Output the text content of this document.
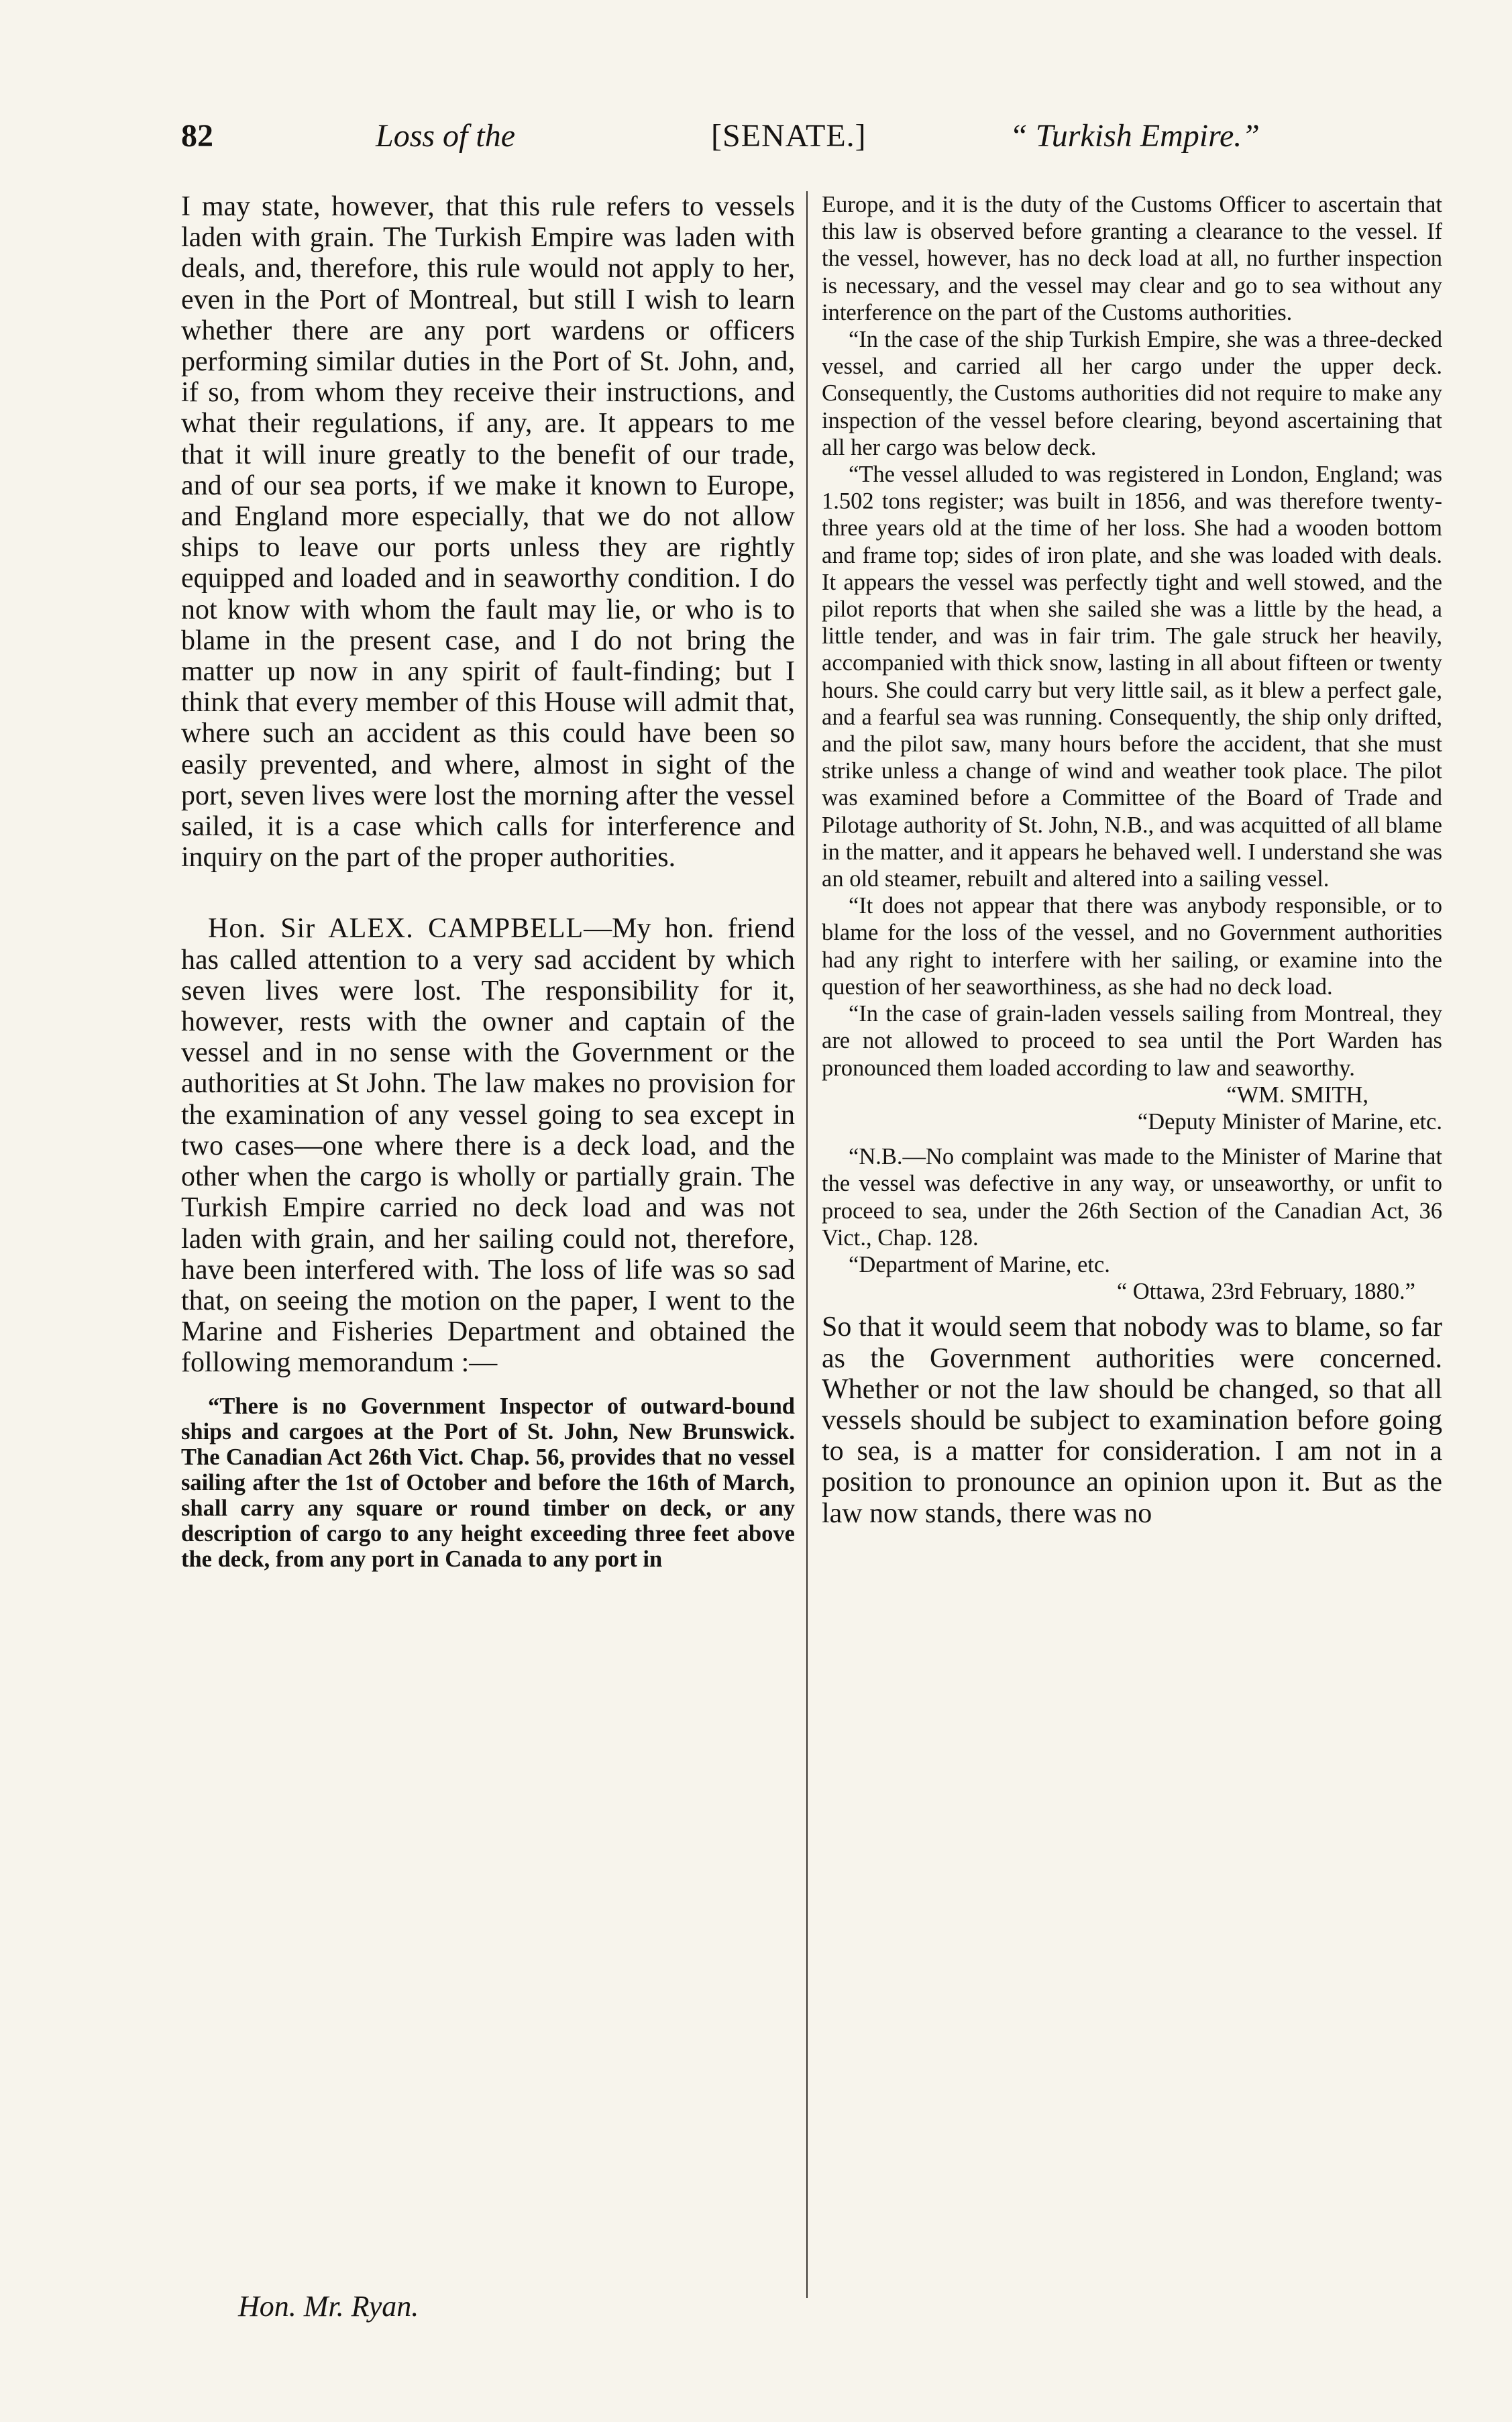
82	Loss of the	[SENATE.]	“ Turkish Empire.”

I may state, however, that this rule refers to vessels laden with grain. The Turkish Empire was laden with deals, and, therefore, this rule would not apply to her, even in the Port of Montreal, but still I wish to learn whether there are any port wardens or officers performing similar duties in the Port of St. John, and, if so, from whom they receive their instructions, and what their regulations, if any, are. It appears to me that it will inure greatly to the benefit of our trade, and of our sea ports, if we make it known to Europe, and England more especially, that we do not allow ships to leave our ports unless they are rightly equipped and loaded and in seaworthy condition. I do not know with whom the fault may lie, or who is to blame in the present case, and I do not bring the matter up now in any spirit of fault-finding; but I think that every member of this House will admit that, where such an accident as this could have been so easily prevented, and where, almost in sight of the port, seven lives were lost the morning after the vessel sailed, it is a case which calls for interference and inquiry on the part of the proper authorities.

Hon. Sir ALEX. CAMPBELL—My hon. friend has called attention to a very sad accident by which seven lives were lost. The responsibility for it, however, rests with the owner and captain of the vessel and in no sense with the Government or the authorities at St John. The law makes no provision for the examination of any vessel going to sea except in two cases—one where there is a deck load, and the other when the cargo is wholly or partially grain. The Turkish Empire carried no deck load and was not laden with grain, and her sailing could not, therefore, have been interfered with. The loss of life was so sad that, on seeing the motion on the paper, I went to the Marine and Fisheries Department and obtained the following memorandum :—

“There is no Government Inspector of outward-bound ships and cargoes at the Port of St. John, New Brunswick. The Canadian Act 26th Vict. Chap. 56, provides that no vessel sailing after the 1st of October and before the 16th of March, shall carry any square or round timber on deck, or any description of cargo to any height exceeding three feet above the deck, from any port in Canada to any port in

Europe, and it is the duty of the Customs Officer to ascertain that this law is observed before granting a clearance to the vessel. If the vessel, however, has no deck load at all, no further inspection is necessary, and the vessel may clear and go to sea without any interference on the part of the Customs authorities.

“In the case of the ship Turkish Empire, she was a three-decked vessel, and carried all her cargo under the upper deck. Consequently, the Customs authorities did not require to make any inspection of the vessel before clearing, beyond ascertaining that all her cargo was below deck.

“The vessel alluded to was registered in London, England; was 1.502 tons register; was built in 1856, and was therefore twenty-three years old at the time of her loss. She had a wooden bottom and frame top; sides of iron plate, and she was loaded with deals. It appears the vessel was perfectly tight and well stowed, and the pilot reports that when she sailed she was a little by the head, a little tender, and was in fair trim. The gale struck her heavily, accompanied with thick snow, lasting in all about fifteen or twenty hours. She could carry but very little sail, as it blew a perfect gale, and a fearful sea was running. Consequently, the ship only drifted, and the pilot saw, many hours before the accident, that she must strike unless a change of wind and weather took place. The pilot was examined before a Committee of the Board of Trade and Pilotage authority of St. John, N.B., and was acquitted of all blame in the matter, and it appears he behaved well. I understand she was an old steamer, rebuilt and altered into a sailing vessel.

“It does not appear that there was anybody responsible, or to blame for the loss of the vessel, and no Government authorities had any right to interfere with her sailing, or examine into the question of her seaworthiness, as she had no deck load.

“In the case of grain-laden vessels sailing from Montreal, they are not allowed to proceed to sea until the Port Warden has pronounced them loaded according to law and seaworthy.

“WM. SMITH,

“Deputy Minister of Marine, etc.

“N.B.—No complaint was made to the Minister of Marine that the vessel was defective in any way, or unseaworthy, or unfit to proceed to sea, under the 26th Section of the Canadian Act, 36 Vict., Chap. 128.

“Department of Marine, etc.

“ Ottawa, 23rd February, 1880.”

So that it would seem that nobody was to blame, so far as the Government authorities were concerned. Whether or not the law should be changed, so that all vessels should be subject to examination before going to sea, is a matter for consideration. I am not in a position to pronounce an opinion upon it. But as the law now stands, there was no

Hon. Mr. Ryan.
